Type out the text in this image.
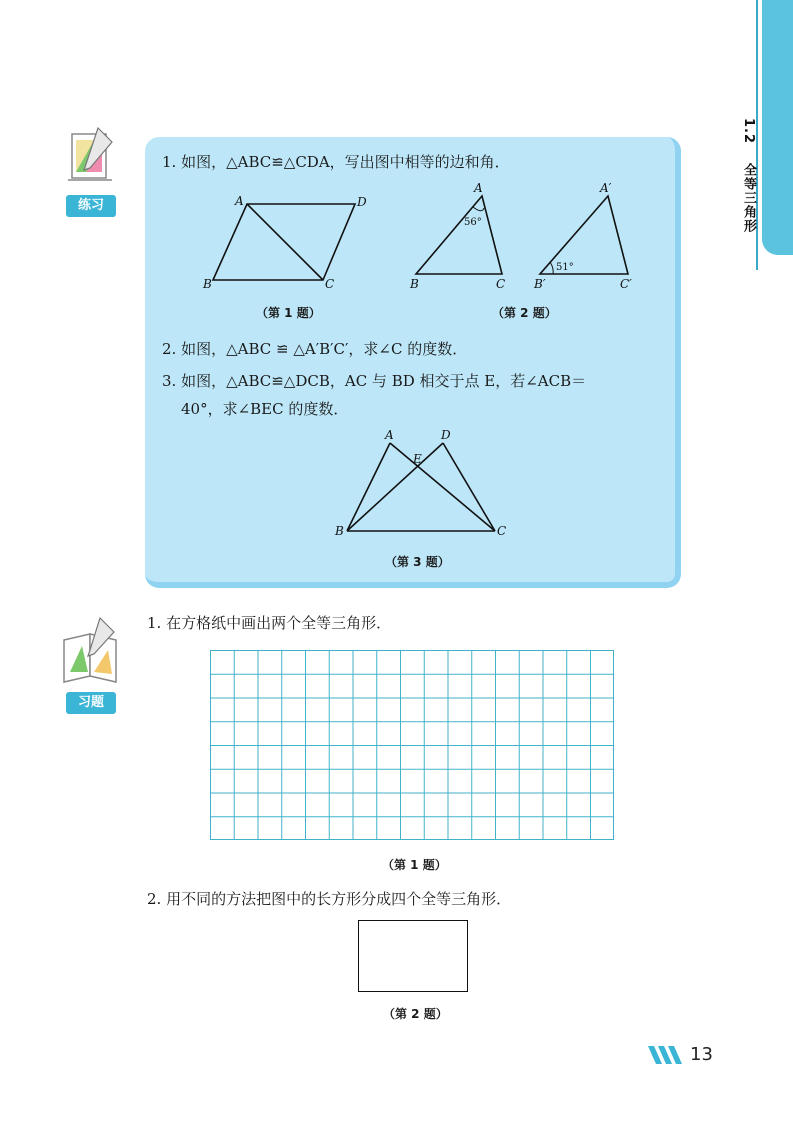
1.2  全等三角形
练习
1. 如图，△ABC≌△CDA，写出图中相等的边和角．
A	D
B	C
（第 1 题）
A
B	C
56°
A′
B′	C′
51°
（第 2 题）
2. 如图，△ABC ≌ △A′B′C′，求∠C 的度数．
3. 如图，△ABC≌△DCB，AC 与 BD 相交于点 E，若∠ACB＝
40°，求∠BEC 的度数．
A
E
D
B	C
（第 3 题）
习题
1. 在方格纸中画出两个全等三角形．
（第 1 题）
2. 用不同的方法把图中的长方形分成四个全等三角形．
（第 2 题）
13
